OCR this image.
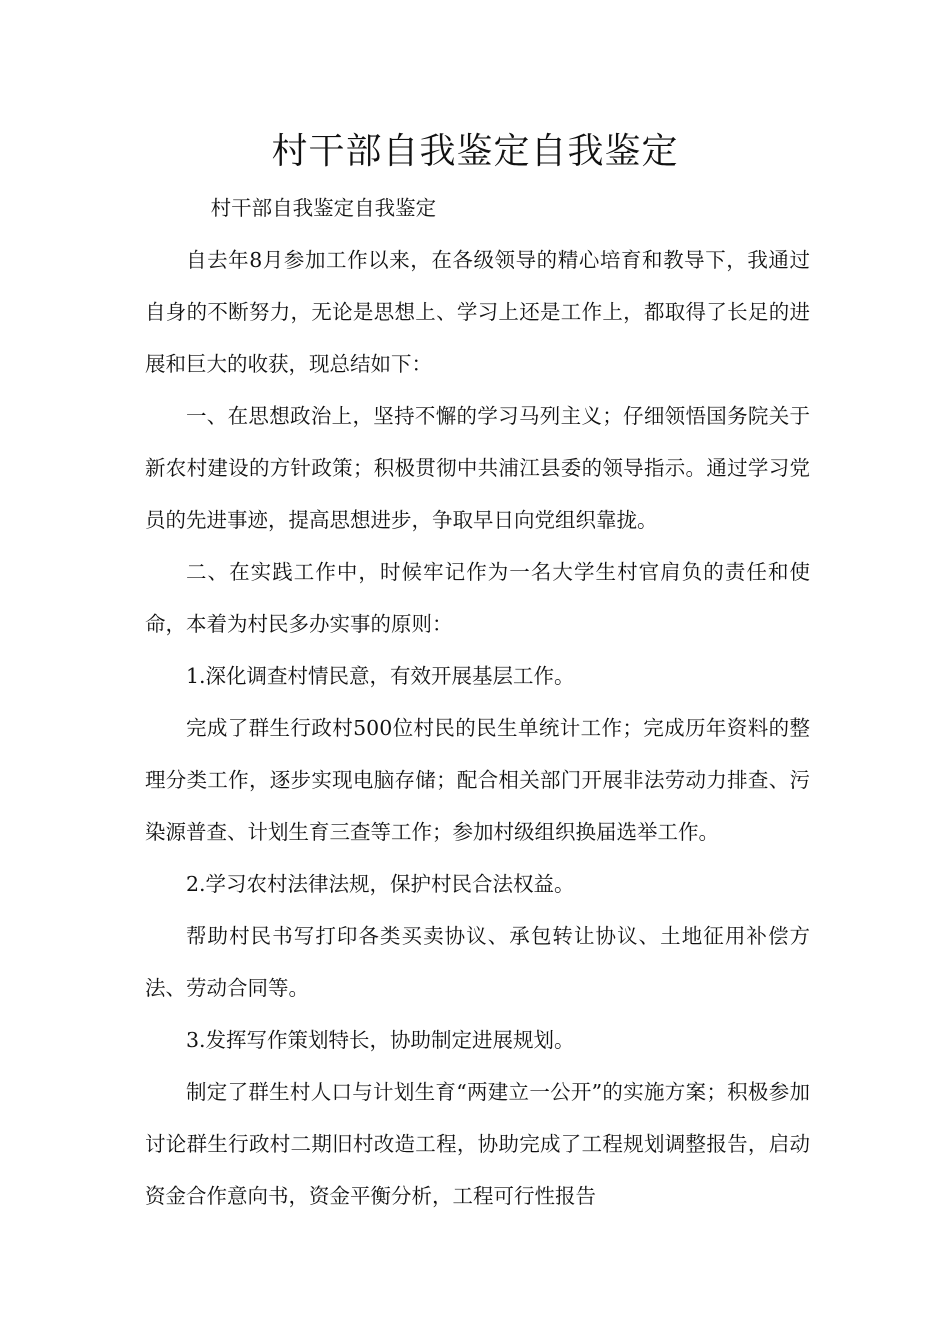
村干部自我鉴定自我鉴定

村干部自我鉴定自我鉴定

自去年8月参加工作以来，在各级领导的精心培育和教导下，我通过自身的不断努力，无论是思想上、学习上还是工作上，都取得了长足的进展和巨大的收获，现总结如下：

一、在思想政治上，坚持不懈的学习马列主义；仔细领悟国务院关于新农村建设的方针政策；积极贯彻中共浦江县委的领导指示。通过学习党员的先进事迹，提高思想进步，争取早日向党组织靠拢。

二、在实践工作中，时候牢记作为一名大学生村官肩负的责任和使命，本着为村民多办实事的原则：

1.深化调查村情民意，有效开展基层工作。

完成了群生行政村500位村民的民生单统计工作；完成历年资料的整理分类工作，逐步实现电脑存储；配合相关部门开展非法劳动力排查、污染源普查、计划生育三查等工作；参加村级组织换届选举工作。

2.学习农村法律法规，保护村民合法权益。

帮助村民书写打印各类买卖协议、承包转让协议、土地征用补偿方法、劳动合同等。

3.发挥写作策划特长，协助制定进展规划。

制定了群生村人口与计划生育“两建立一公开”的实施方案；积极参加讨论群生行政村二期旧村改造工程，协助完成了工程规划调整报告，启动资金合作意向书，资金平衡分析，工程可行性报告
